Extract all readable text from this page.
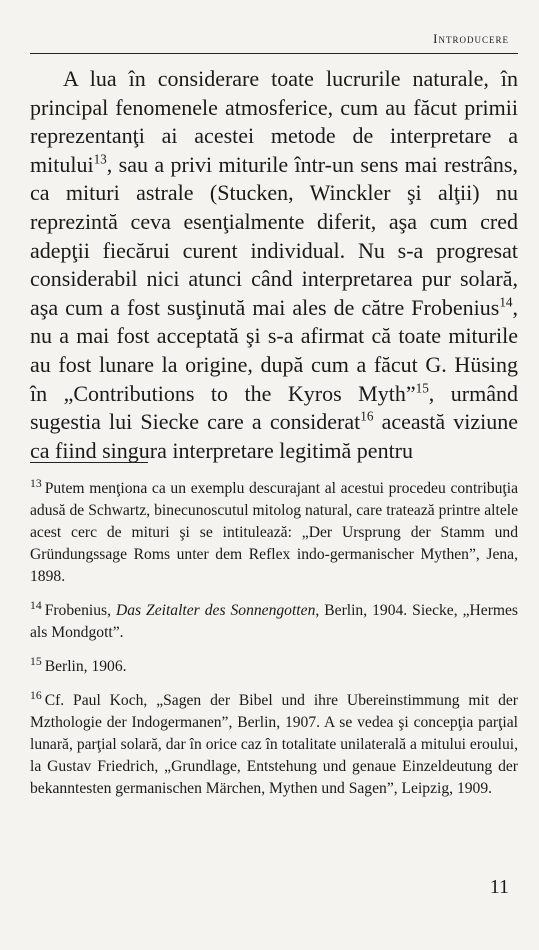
Introducere

A lua în considerare toate lucrurile naturale, în principal fenomenele atmosferice, cum au făcut primii reprezentanţi ai acestei metode de interpretare a mitului$^{13}$, sau a privi miturile într-un sens mai restrâns, ca mituri astrale (Stucken, Winckler şi alţii) nu reprezintă ceva esenţialmente diferit, aşa cum cred adepţii fiecărui curent individual. Nu s-a progresat considerabil nici atunci când interpretarea pur solară, aşa cum a fost susţinută mai ales de către Frobenius$^{14}$, nu a mai fost acceptată şi s-a afirmat că toate miturile au fost lunare la origine, după cum a făcut G. Hüsing în „Contributions to the Kyros Myth”$^{15}$, urmând sugestia lui Siecke care a considerat$^{16}$ această viziune ca fiind singura interpretare legitimă pentru

$^{13}$ Putem menţiona ca un exemplu descurajant al acestui procedeu contribuţia adusă de Schwartz, binecunoscutul mitolog natural, care tratează printre altele acest cerc de mituri şi se intitulează: „Der Ursprung der Stamm und Gründungssage Roms unter dem Reflex indo-germanischer Mythen”, Jena, 1898.

$^{14}$ Frobenius, Das Zeitalter des Sonnengotten, Berlin, 1904. Siecke, „Hermes als Mondgott”.

$^{15}$ Berlin, 1906.

$^{16}$ Cf. Paul Koch, „Sagen der Bibel und ihre Ubereinstimmung mit der Mzthologie der Indogermanen”, Berlin, 1907. A se vedea şi concepţia parţial lunară, parţial solară, dar în orice caz în totalitate unilaterală a mitului eroului, la Gustav Friedrich, „Grundlage, Entstehung und genaue Einzeldeutung der bekanntesten germanischen Märchen, Mythen und Sagen”, Leipzig, 1909.

11
